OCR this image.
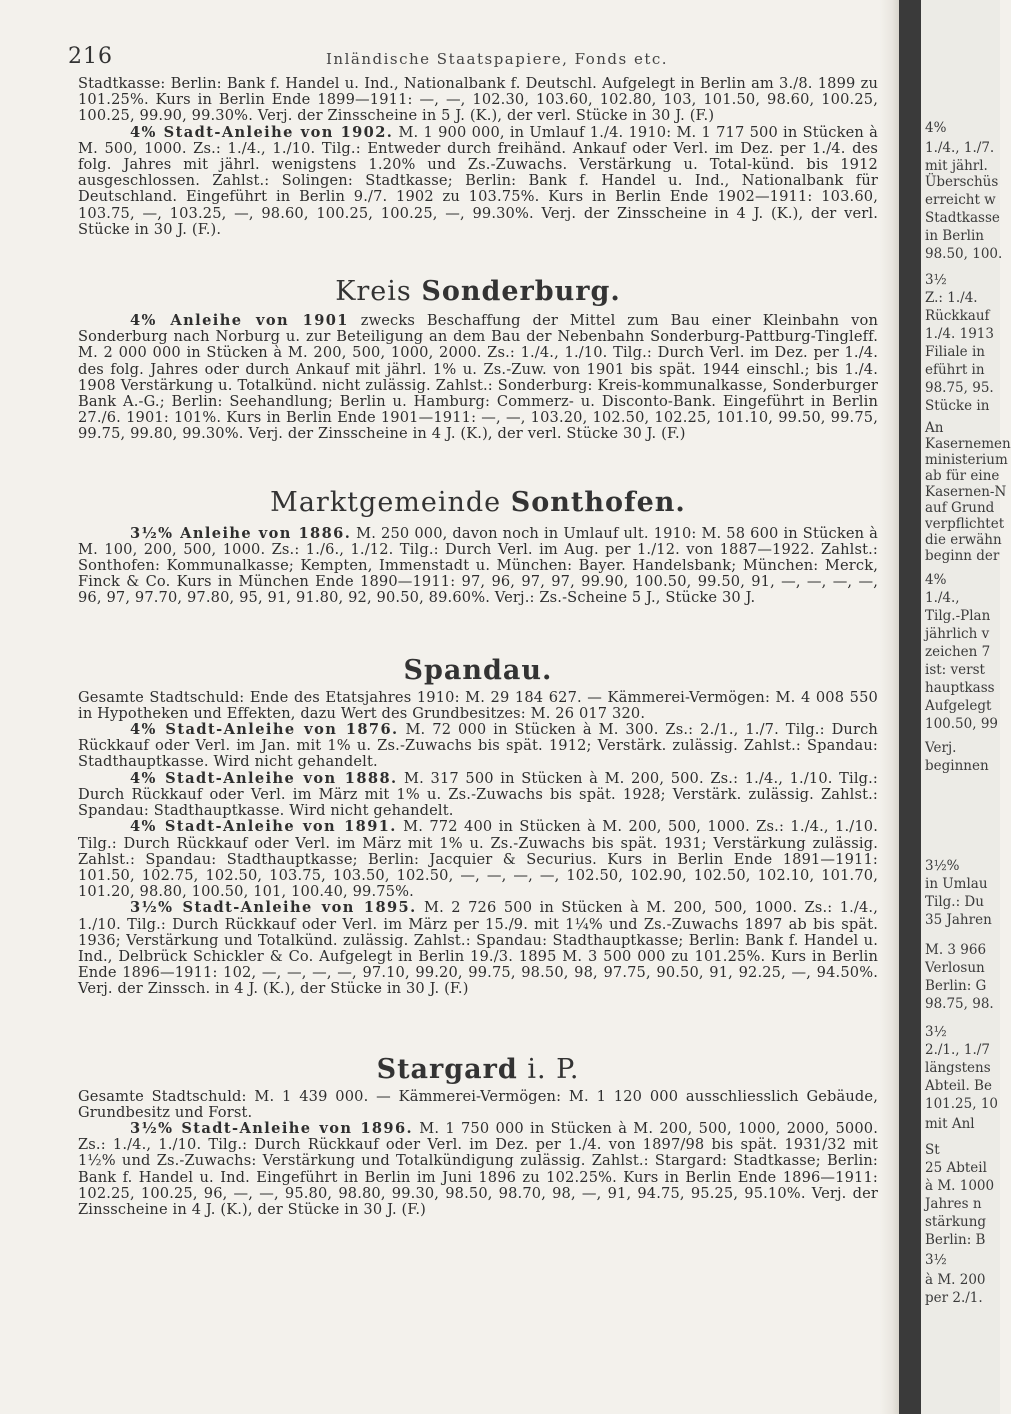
216	Inländische Staatspapiere, Fonds etc.

Stadtkasse: Berlin: Bank f. Handel u. Ind., Nationalbank f. Deutschl. Aufgelegt in Berlin am 3./8. 1899 zu 101.25%. Kurs in Berlin Ende 1899—1911: —, —, 102.30, 103.60, 102.80, 103, 101.50, 98.60, 100.25, 100.25, 99.90, 99.30%. Verj. der Zinsscheine in 5 J. (K.), der verl. Stücke in 30 J. (F.)

4% Stadt-Anleihe von 1902. M. 1 900 000, in Umlauf 1./4. 1910: M. 1 717 500 in Stücken à M. 500, 1000. Zs.: 1./4., 1./10. Tilg.: Entweder durch freihänd. Ankauf oder Verl. im Dez. per 1./4. des folg. Jahres mit jährl. wenigstens 1.20% und Zs.-Zuwachs. Verstärkung u. Total-künd. bis 1912 ausgeschlossen. Zahlst.: Solingen: Stadtkasse; Berlin: Bank f. Handel u. Ind., Nationalbank für Deutschland. Eingeführt in Berlin 9./7. 1902 zu 103.75%. Kurs in Berlin Ende 1902—1911: 103.60, 103.75, —, 103.25, —, 98.60, 100.25, 100.25, —, 99.30%. Verj. der Zinsscheine in 4 J. (K.), der verl. Stücke in 30 J. (F.).

Kreis Sonderburg.

4% Anleihe von 1901 zwecks Beschaffung der Mittel zum Bau einer Kleinbahn von Sonderburg nach Norburg u. zur Beteiligung an dem Bau der Nebenbahn Sonderburg-Pattburg-Tingleff. M. 2 000 000 in Stücken à M. 200, 500, 1000, 2000. Zs.: 1./4., 1./10. Tilg.: Durch Verl. im Dez. per 1./4. des folg. Jahres oder durch Ankauf mit jährl. 1% u. Zs.-Zuw. von 1901 bis spät. 1944 einschl.; bis 1./4. 1908 Verstärkung u. Totalkünd. nicht zulässig. Zahlst.: Sonderburg: Kreis-kommunalkasse, Sonderburger Bank A.-G.; Berlin: Seehandlung; Berlin u. Hamburg: Commerz- u. Disconto-Bank. Eingeführt in Berlin 27./6. 1901: 101%. Kurs in Berlin Ende 1901—1911: —, —, 103.20, 102.50, 102.25, 101.10, 99.50, 99.75, 99.75, 99.80, 99.30%. Verj. der Zinsscheine in 4 J. (K.), der verl. Stücke 30 J. (F.)

Marktgemeinde Sonthofen.

3½% Anleihe von 1886. M. 250 000, davon noch in Umlauf ult. 1910: M. 58 600 in Stücken à M. 100, 200, 500, 1000. Zs.: 1./6., 1./12. Tilg.: Durch Verl. im Aug. per 1./12. von 1887—1922. Zahlst.: Sonthofen: Kommunalkasse; Kempten, Immenstadt u. München: Bayer. Handelsbank; München: Merck, Finck & Co. Kurs in München Ende 1890—1911: 97, 96, 97, 97, 99.90, 100.50, 99.50, 91, —, —, —, —, 96, 97, 97.70, 97.80, 95, 91, 91.80, 92, 90.50, 89.60%. Verj.: Zs.-Scheine 5 J., Stücke 30 J.

Spandau.

Gesamte Stadtschuld: Ende des Etatsjahres 1910: M. 29 184 627. — Kämmerei-Vermögen: M. 4 008 550 in Hypotheken und Effekten, dazu Wert des Grundbesitzes: M. 26 017 320.

4% Stadt-Anleihe von 1876. M. 72 000 in Stücken à M. 300. Zs.: 2./1., 1./7. Tilg.: Durch Rückkauf oder Verl. im Jan. mit 1% u. Zs.-Zuwachs bis spät. 1912; Verstärk. zulässig. Zahlst.: Spandau: Stadthauptkasse. Wird nicht gehandelt.

4% Stadt-Anleihe von 1888. M. 317 500 in Stücken à M. 200, 500. Zs.: 1./4., 1./10. Tilg.: Durch Rückkauf oder Verl. im März mit 1% u. Zs.-Zuwachs bis spät. 1928; Verstärk. zulässig. Zahlst.: Spandau: Stadthauptkasse. Wird nicht gehandelt.

4% Stadt-Anleihe von 1891. M. 772 400 in Stücken à M. 200, 500, 1000. Zs.: 1./4., 1./10. Tilg.: Durch Rückkauf oder Verl. im März mit 1% u. Zs.-Zuwachs bis spät. 1931; Verstärkung zulässig. Zahlst.: Spandau: Stadthauptkasse; Berlin: Jacquier & Securius. Kurs in Berlin Ende 1891—1911: 101.50, 102.75, 102.50, 103.75, 103.50, 102.50, —, —, —, —, 102.50, 102.90, 102.50, 102.10, 101.70, 101.20, 98.80, 100.50, 101, 100.40, 99.75%.

3½% Stadt-Anleihe von 1895. M. 2 726 500 in Stücken à M. 200, 500, 1000. Zs.: 1./4., 1./10. Tilg.: Durch Rückkauf oder Verl. im März per 15./9. mit 1¼% und Zs.-Zuwachs 1897 ab bis spät. 1936; Verstärkung und Totalkünd. zulässig. Zahlst.: Spandau: Stadthauptkasse; Berlin: Bank f. Handel u. Ind., Delbrück Schickler & Co. Aufgelegt in Berlin 19./3. 1895 M. 3 500 000 zu 101.25%. Kurs in Berlin Ende 1896—1911: 102, —, —, —, —, 97.10, 99.20, 99.75, 98.50, 98, 97.75, 90.50, 91, 92.25, —, 94.50%. Verj. der Zinssch. in 4 J. (K.), der Stücke in 30 J. (F.)

Stargard i. P.

Gesamte Stadtschuld: M. 1 439 000. — Kämmerei-Vermögen: M. 1 120 000 ausschliesslich Gebäude, Grundbesitz und Forst.

3½% Stadt-Anleihe von 1896. M. 1 750 000 in Stücken à M. 200, 500, 1000, 2000, 5000. Zs.: 1./4., 1./10. Tilg.: Durch Rückkauf oder Verl. im Dez. per 1./4. von 1897/98 bis spät. 1931/32 mit 1½% und Zs.-Zuwachs: Verstärkung und Totalkündigung zulässig. Zahlst.: Stargard: Stadtkasse; Berlin: Bank f. Handel u. Ind. Eingeführt in Berlin im Juni 1896 zu 102.25%. Kurs in Berlin Ende 1896—1911: 102.25, 100.25, 96, —, —, 95.80, 98.80, 99.30, 98.50, 98.70, 98, —, 91, 94.75, 95.25, 95.10%. Verj. der Zinsscheine in 4 J. (K.), der Stücke in 30 J. (F.)

4%
1./4., 1./7.
mit jährl.
Überschüs
erreicht w
Stadtkasse
in Berlin
98.50, 100.
3½
Z.: 1./4.
Rückkauf
1./4. 1913
Filiale in
eführt in
98.75, 95.
Stücke in
An
Kasernemen
ministerium
ab für eine
Kasernen-N
auf Grund
verpflichtet
die erwähn
beginn der
4%
1./4.,
Tilg.-Plan
jährlich v
zeichen 7
ist: verst
hauptkass
Aufgelegt
100.50, 99
Verj.
beginnen
3½%
in Umlau
Tilg.: Du
35 Jahren
M. 3 966
Verlosun
Berlin: G
98.75, 98.
3½
2./1., 1./7
längstens
Abteil. Be
101.25, 10
mit Anl
St
25 Abteil
à M. 1000
Jahres n
stärkung
Berlin: B
3½
à M. 200
per 2./1.
